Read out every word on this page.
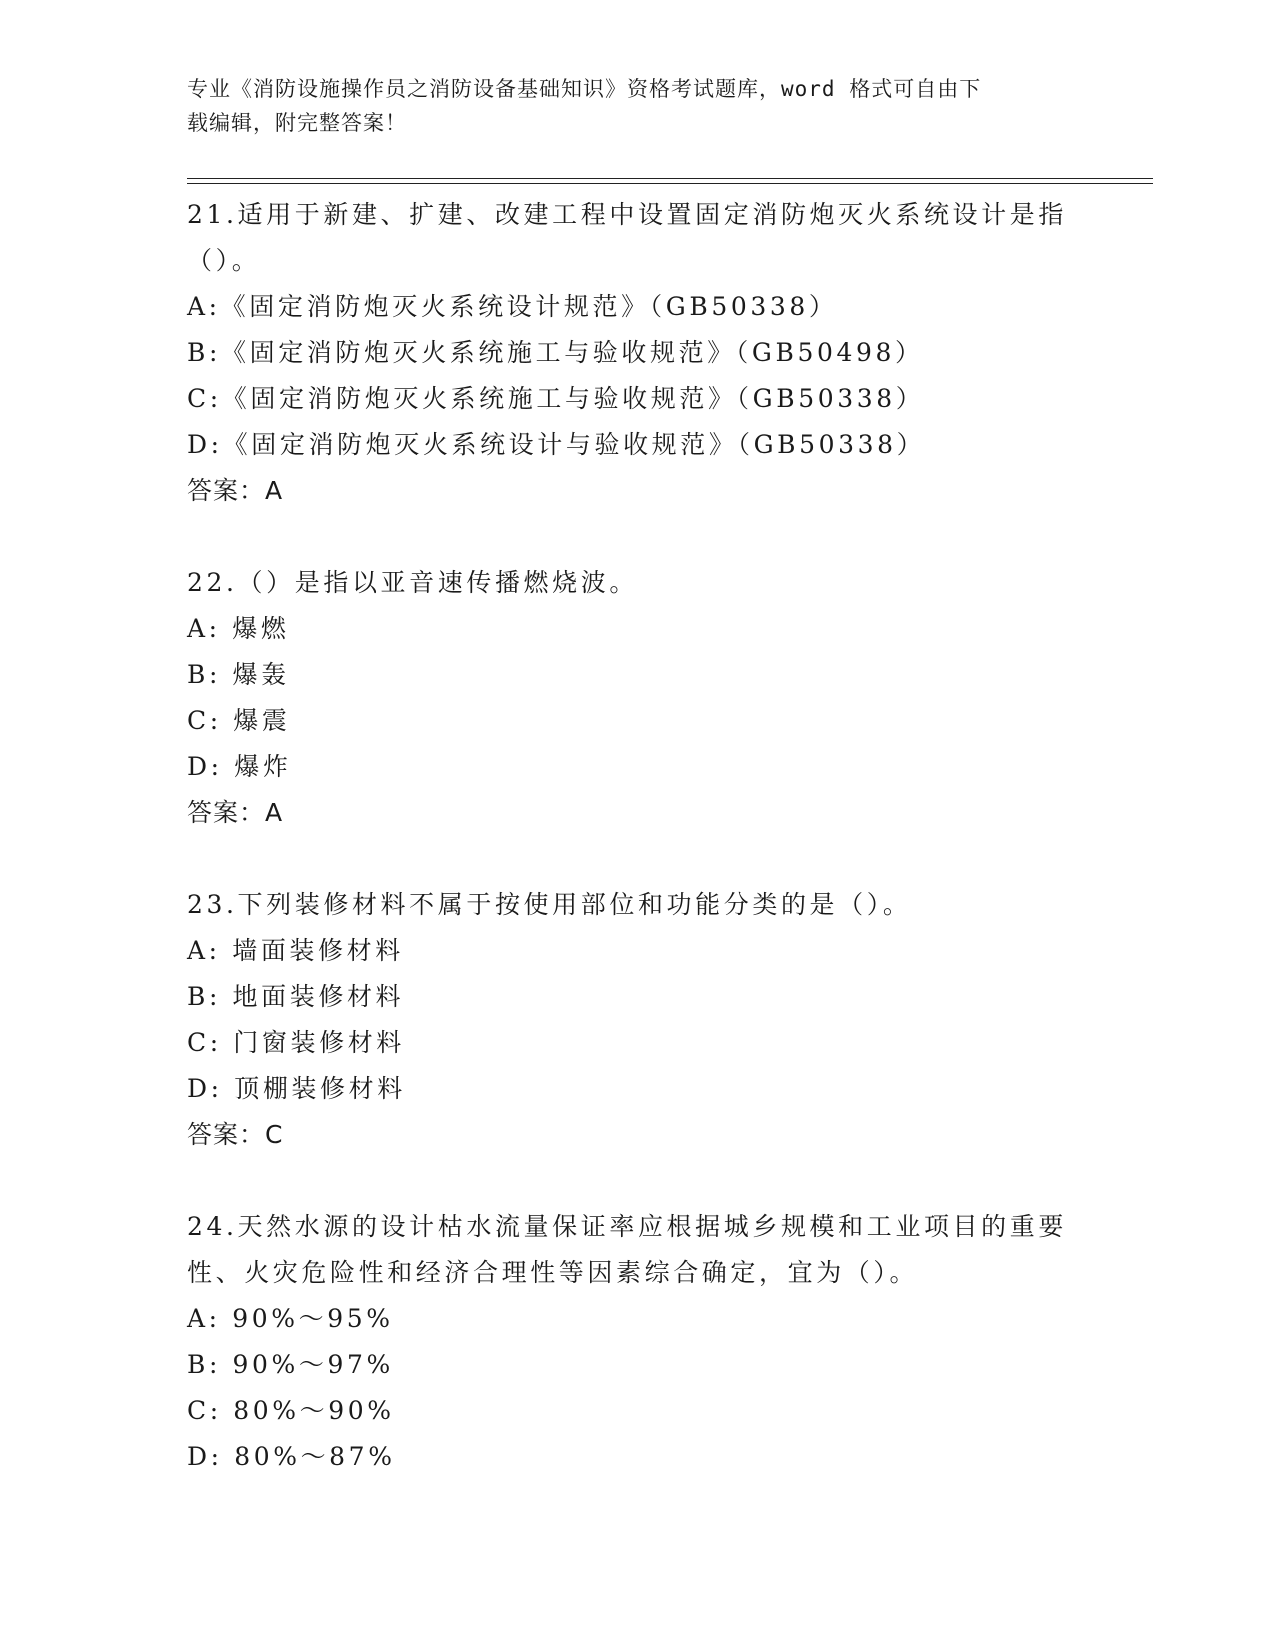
专业《消防设施操作员之消防设备基础知识》资格考试题库，word 格式可自由下
载编辑，附完整答案！

21.适用于新建、扩建、改建工程中设置固定消防炮灭火系统设计是指
（）。

A:《固定消防炮灭火系统设计规范》（GB50338）

B:《固定消防炮灭火系统施工与验收规范》（GB50498）

C:《固定消防炮灭火系统施工与验收规范》（GB50338）

D:《固定消防炮灭火系统设计与验收规范》（GB50338）

答案：A

22.（）是指以亚音速传播燃烧波。

A: 爆燃

B: 爆轰

C: 爆震

D: 爆炸

答案：A

23.下列装修材料不属于按使用部位和功能分类的是（）。

A: 墙面装修材料

B: 地面装修材料

C: 门窗装修材料

D: 顶棚装修材料

答案：C

24.天然水源的设计枯水流量保证率应根据城乡规模和工业项目的重要
性、火灾危险性和经济合理性等因素综合确定，宜为（）。

A: 90%～95%

B: 90%～97%

C: 80%～90%

D: 80%～87%
